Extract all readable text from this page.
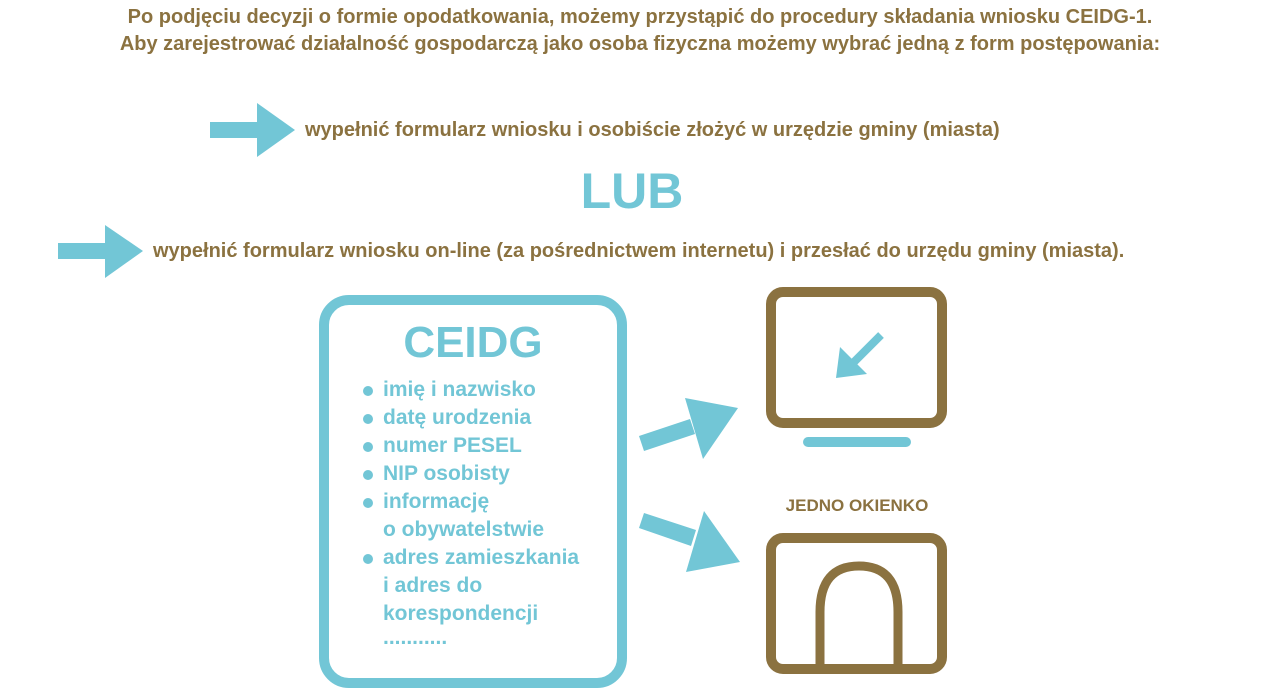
Po podjęciu decyzji o formie opodatkowania, możemy przystąpić do procedury składania wniosku CEIDG-1.
Aby zarejestrować działalność gospodarczą jako osoba fizyczna możemy wybrać jedną z form postępowania:
wypełnić formularz wniosku i osobiście złożyć w urzędzie gminy (miasta)
LUB
wypełnić formularz wniosku on-line (za pośrednictwem internetu) i przesłać do urzędu gminy (miasta).
CEIDG
imię i nazwisko
datę urodzenia
numer PESEL
NIP osobisty
informację
o obywatelstwie
adres zamieszkania
i adres do
korespondencji
...........
JEDNO OKIENKO
